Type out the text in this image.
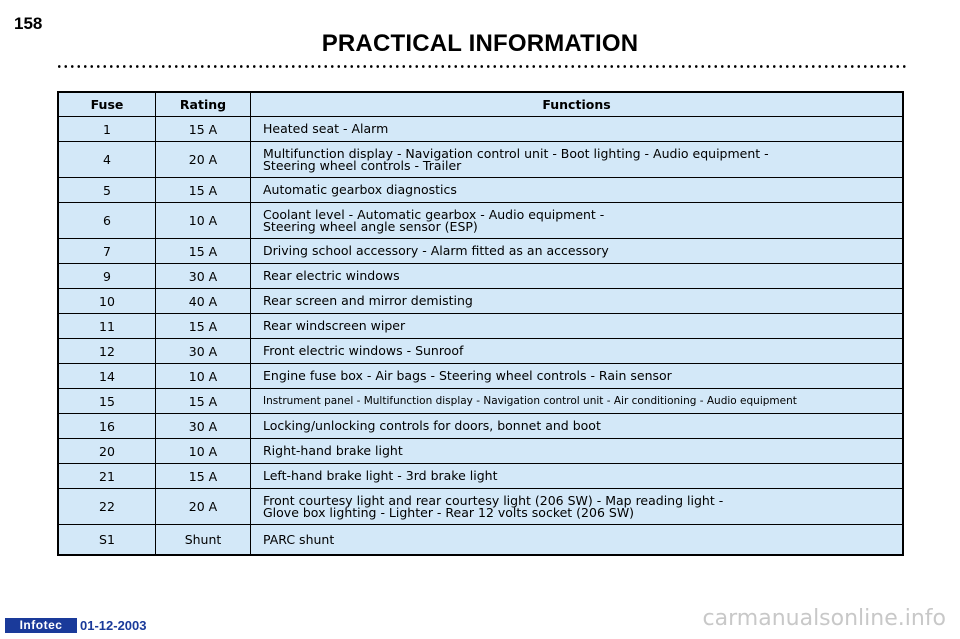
158
PRACTICAL INFORMATION
Fuse	Rating	Functions
1	15 A	Heated seat - Alarm
4	20 A	Multifunction display - Navigation control unit - Boot lighting - Audio equipment -
Steering wheel controls - Trailer
5	15 A	Automatic gearbox diagnostics
6	10 A	Coolant level - Automatic gearbox - Audio equipment -
Steering wheel angle sensor (ESP)
7	15 A	Driving school accessory - Alarm fitted as an accessory
9	30 A	Rear electric windows
10	40 A	Rear screen and mirror demisting
11	15 A	Rear windscreen wiper
12	30 A	Front electric windows - Sunroof
14	10 A	Engine fuse box - Air bags - Steering wheel controls - Rain sensor
15	15 A	Instrument panel - Multifunction display - Navigation control unit - Air conditioning - Audio equipment
16	30 A	Locking/unlocking controls for doors, bonnet and boot
20	10 A	Right-hand brake light
21	15 A	Left-hand brake light - 3rd brake light
22	20 A	Front courtesy light and rear courtesy light (206 SW) - Map reading light -
Glove box lighting - Lighter - Rear 12 volts socket (206 SW)
S1	Shunt	PARC shunt
Infotec	01-12-2003	carmanualsonline.info
